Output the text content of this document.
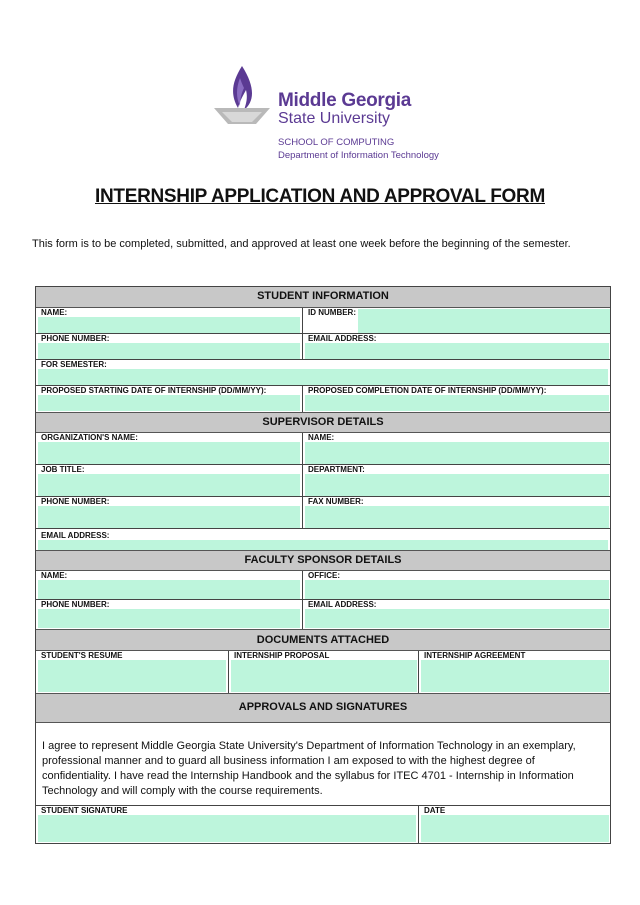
Middle Georgia
State University
SCHOOL OF COMPUTING
Department of Information Technology
INTERNSHIP APPLICATION AND APPROVAL FORM
This form is to be completed, submitted, and approved at least one week before the beginning of the semester.
STUDENT INFORMATION
NAME:	ID NUMBER:
PHONE NUMBER:	EMAIL ADDRESS:
FOR SEMESTER:
PROPOSED STARTING DATE OF INTERNSHIP (DD/MM/YY):	PROPOSED COMPLETION DATE OF INTERNSHIP (DD/MM/YY):
SUPERVISOR DETAILS
ORGANIZATION'S NAME:	NAME:
JOB TITLE:	DEPARTMENT:
PHONE NUMBER:	FAX NUMBER:
EMAIL ADDRESS:
FACULTY SPONSOR DETAILS
NAME:	OFFICE:
PHONE NUMBER:	EMAIL ADDRESS:
DOCUMENTS ATTACHED
STUDENT'S RESUME	INTERNSHIP PROPOSAL	INTERNSHIP AGREEMENT
APPROVALS AND SIGNATURES
I agree to represent Middle Georgia State University's Department of Information Technology in an exemplary, professional manner and to guard all business information I am exposed to with the highest degree of confidentiality. I have read the Internship Handbook and the syllabus for ITEC 4701 - Internship in Information Technology and will comply with the course requirements.
STUDENT SIGNATURE	DATE
